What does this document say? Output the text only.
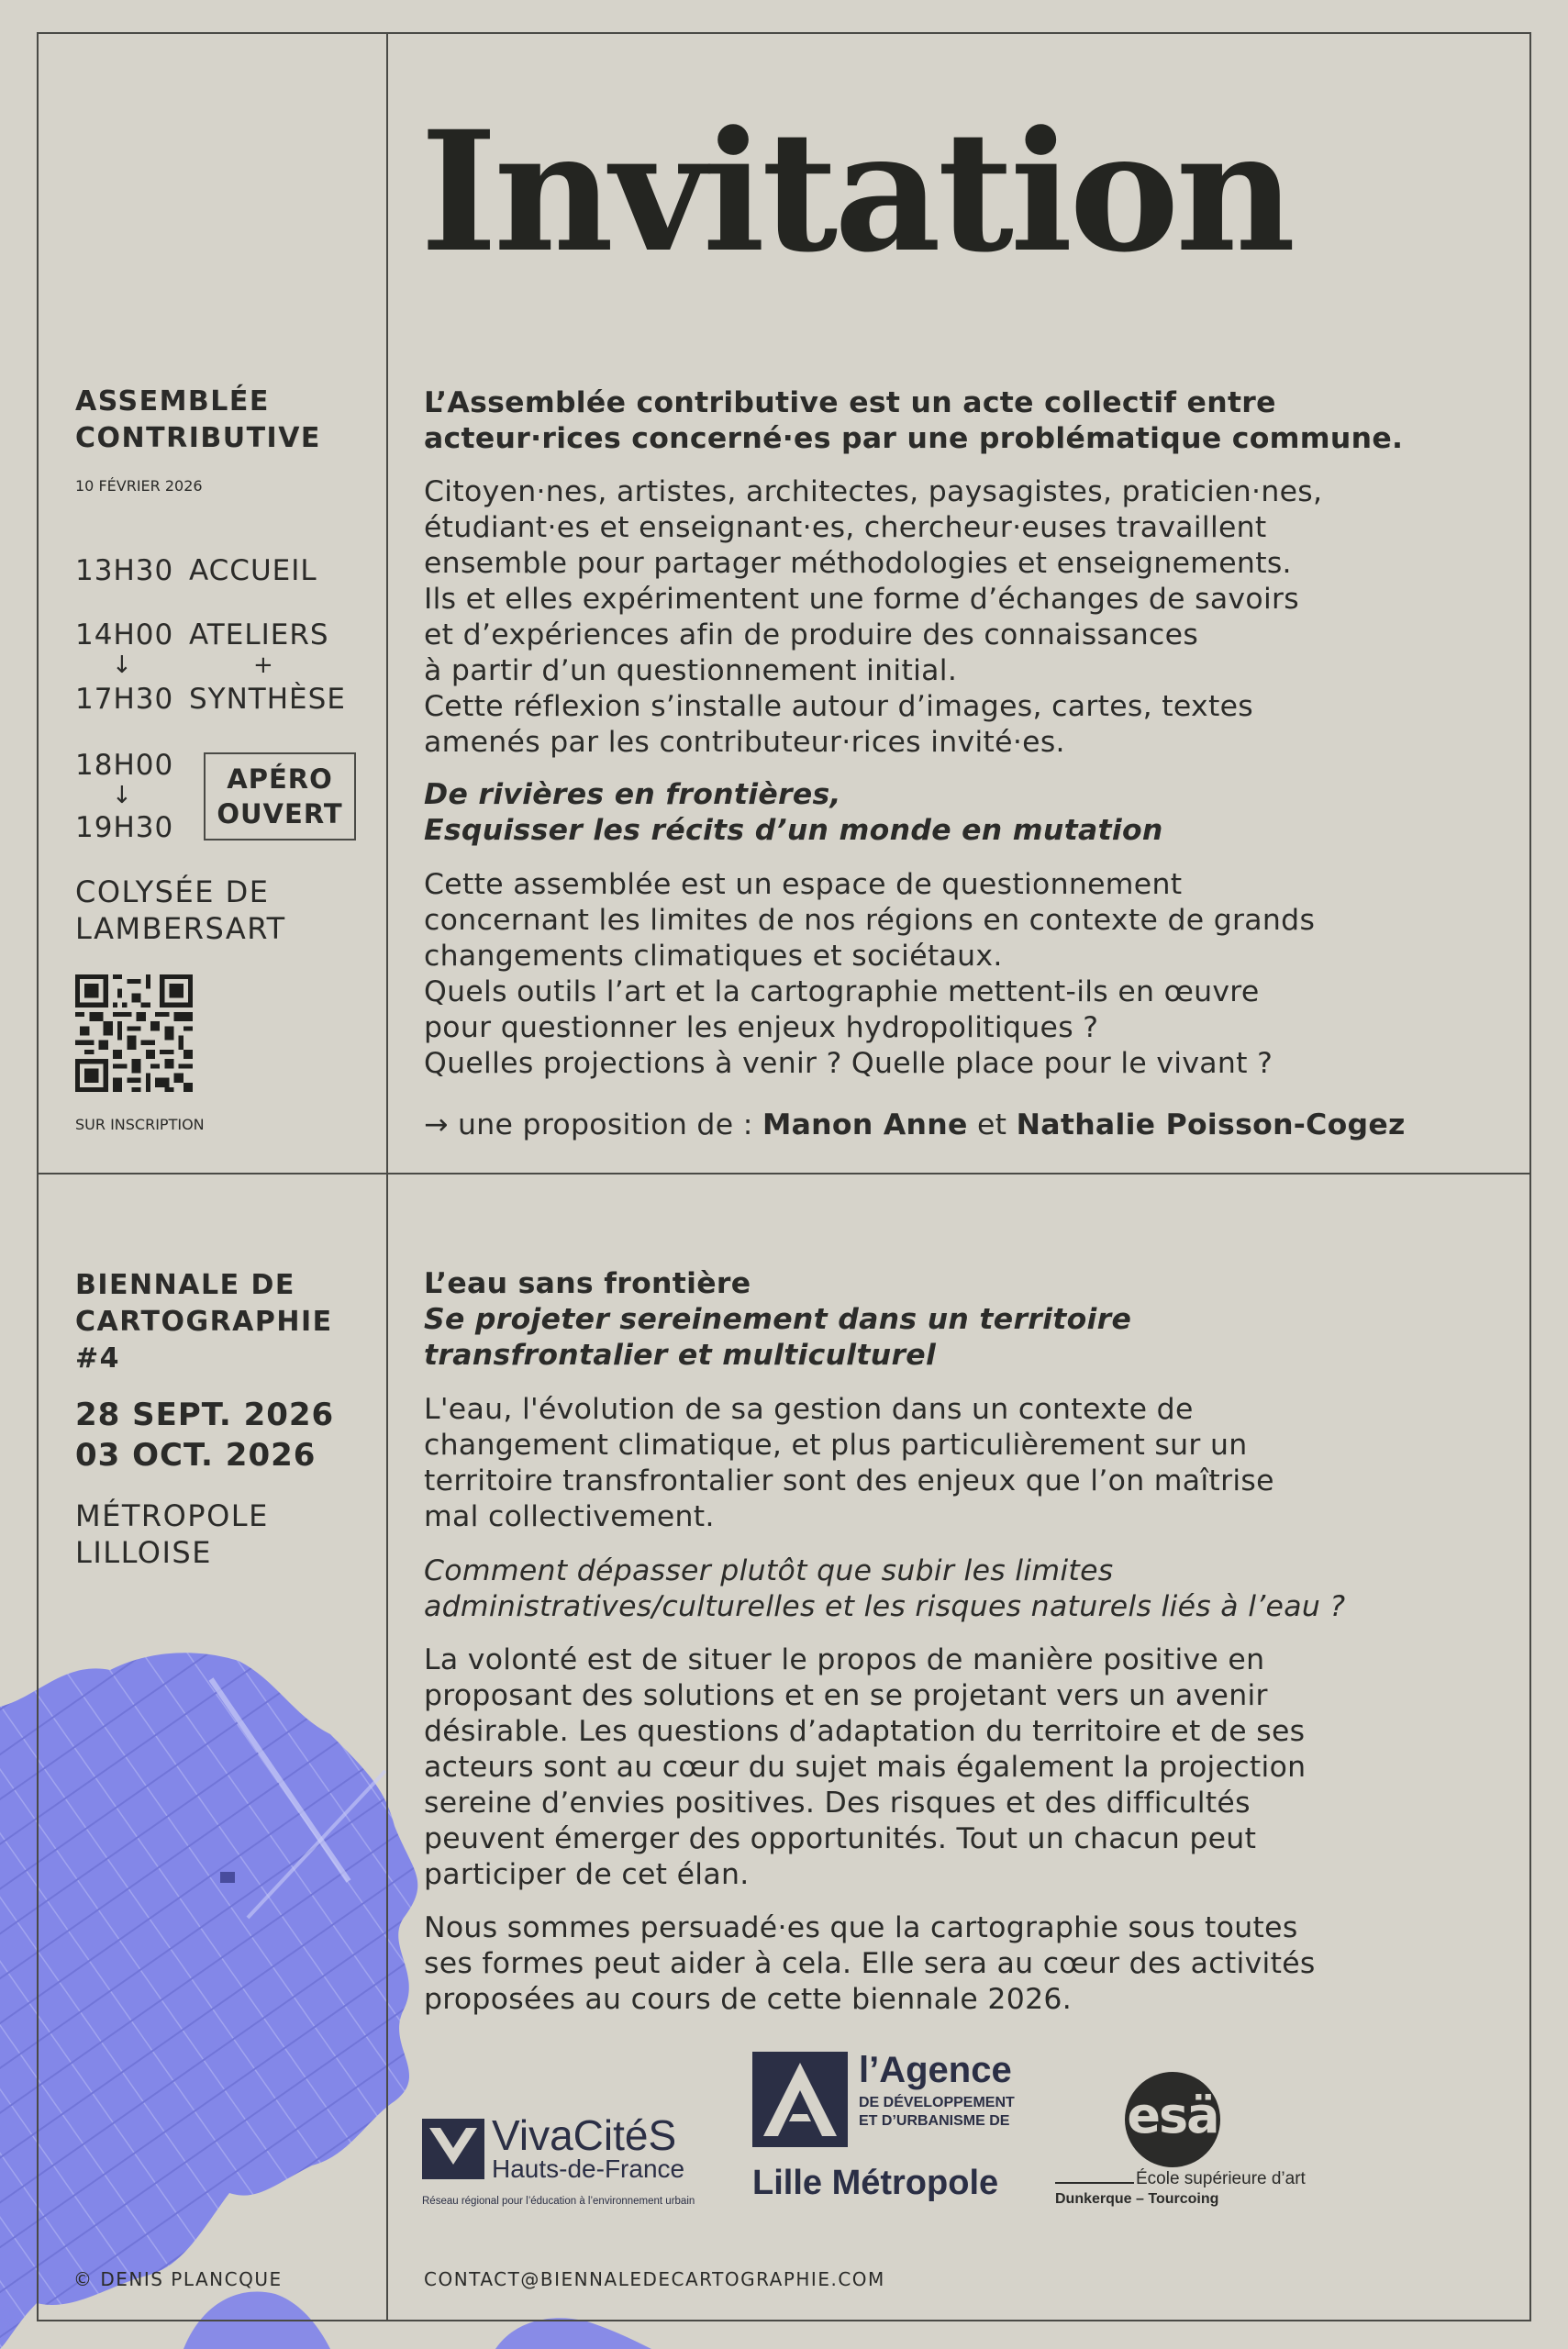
Invitation
ASSEMBLÉE
CONTRIBUTIVE
10 FÉVRIER 2026
13H30 ACCUEIL
14H00 ATELIERS
↓	+
17H30 SYNTHÈSE
18H00
↓
19H30
APÉRO
OUVERT
COLYSÉE DE
LAMBERSART
SUR INSCRIPTION

L’Assemblée contributive est un acte collectif entre

acteur·rices concerné·es par une problématique commune.

Citoyen·nes, artistes, architectes, paysagistes, praticien·nes,

étudiant·es et enseignant·es, chercheur·euses travaillent

ensemble pour partager méthodologies et enseignements.

Ils et elles expérimentent une forme d’échanges de savoirs

et d’expériences afin de produire des connaissances

à partir d’un questionnement initial.

Cette réflexion s’installe autour d’images, cartes, textes

amenés par les contributeur·rices invité·es.

De rivières en frontières,

Esquisser les récits d’un monde en mutation

Cette assemblée est un espace de questionnement

concernant les limites de nos régions en contexte de grands

changements climatiques et sociétaux.

Quels outils l’art et la cartographie mettent-ils en œuvre

pour questionner les enjeux hydropolitiques ?

Quelles projections à venir ? Quelle place pour le vivant ?

→ une proposition de : Manon Anne et Nathalie Poisson-Cogez

BIENNALE DE
CARTOGRAPHIE
#4
28 SEPT. 2026
03 OCT. 2026
MÉTROPOLE
LILLOISE

L’eau sans frontière

Se projeter sereinement dans un territoire

transfrontalier et multiculturel

L'eau, l'évolution de sa gestion dans un contexte de

changement climatique, et plus particulièrement sur un

territoire transfrontalier sont des enjeux que l’on maîtrise

mal collectivement.

Comment dépasser plutôt que subir les limites

administratives/culturelles et les risques naturels liés à l’eau ?

La volonté est de situer le propos de manière positive en

proposant des solutions et en se projetant vers un avenir

désirable. Les questions d’adaptation du territoire et de ses

acteurs sont au cœur du sujet mais également la projection

sereine d’envies positives. Des risques et des difficultés

peuvent émerger des opportunités. Tout un chacun peut

participer de cet élan.

Nous sommes persuadé·es que la cartographie sous toutes

ses formes peut aider à cela. Elle sera au cœur des activités

proposées au cours de cette biennale 2026.

VivaCitéS
Hauts-de-France
Réseau régional pour l’éducation à l’environnement urbain
l’Agence
DE DÉVELOPPEMENT
ET D’URBANISME DE
Lille Métropole
esä
École supérieure d’art
Dunkerque – Tourcoing
© DENIS PLANCQUE	CONTACT@BIENNALEDECARTOGRAPHIE.COM
